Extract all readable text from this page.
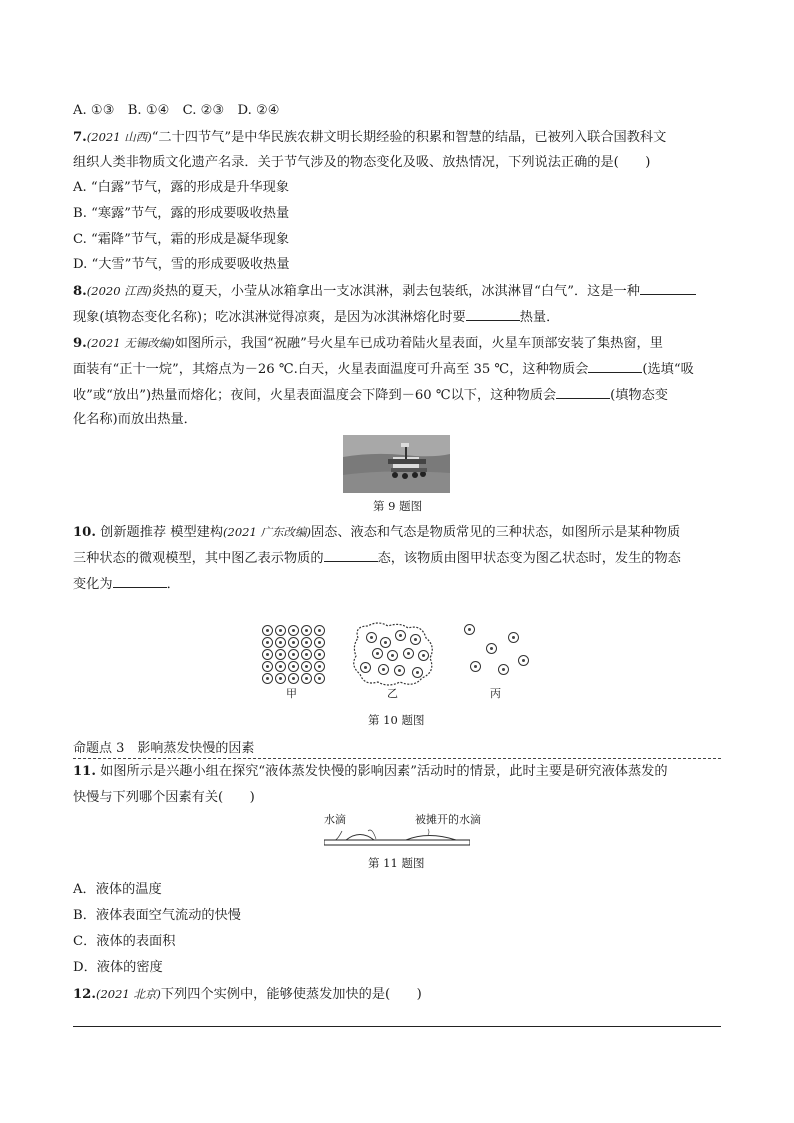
A. ①③　B. ①④　C. ②③　D. ②④
7.(2021 山西)“二十四节气”是中华民族农耕文明长期经验的积累和智慧的结晶，已被列入联合国教科文
组织人类非物质文化遗产名录．关于节气涉及的物态变化及吸、放热情况，下列说法正确的是(　　)
A. “白露”节气，露的形成是升华现象
B. “寒露”节气，露的形成要吸收热量
C. “霜降”节气，霜的形成是凝华现象
D. “大雪”节气，雪的形成要吸收热量
8.(2020 江西)炎热的夏天，小莹从冰箱拿出一支冰淇淋，剥去包装纸，冰淇淋冒“白气”．这是一种
现象(填物态变化名称)；吃冰淇淋觉得凉爽，是因为冰淇淋熔化时要	热量．
9.(2021 无锡改编)如图所示，我国“祝融”号火星车已成功着陆火星表面，火星车顶部安装了集热窗，里
面装有“正十一烷”，其熔点为－26 ℃.白天，火星表面温度可升高至 35 ℃，这种物质会	(选填“吸
收”或“放出”)热量而熔化；夜间，火星表面温度会下降到－60 ℃以下，这种物质会	(填物态变
化名称)而放出热量．
第 9 题图
10. 创新题推荐 模型建构(2021 广东改编)固态、液态和气态是物质常见的三种状态，如图所示是某种物质
三种状态的微观模型，其中图乙表示物质的	态，该物质由图甲状态变为图乙状态时，发生的物态
变化为	．
甲	乙	丙
第 10 题图
命题点 3　影响蒸发快慢的因素
11. 如图所示是兴趣小组在探究“液体蒸发快慢的影响因素”活动时的情景，此时主要是研究液体蒸发的
快慢与下列哪个因素有关(　　)
水滴	被摊开的水滴
第 11 题图
A．液体的温度
B．液体表面空气流动的快慢
C．液体的表面积
D．液体的密度
12.(2021 北京)下列四个实例中，能够使蒸发加快的是(　　)
